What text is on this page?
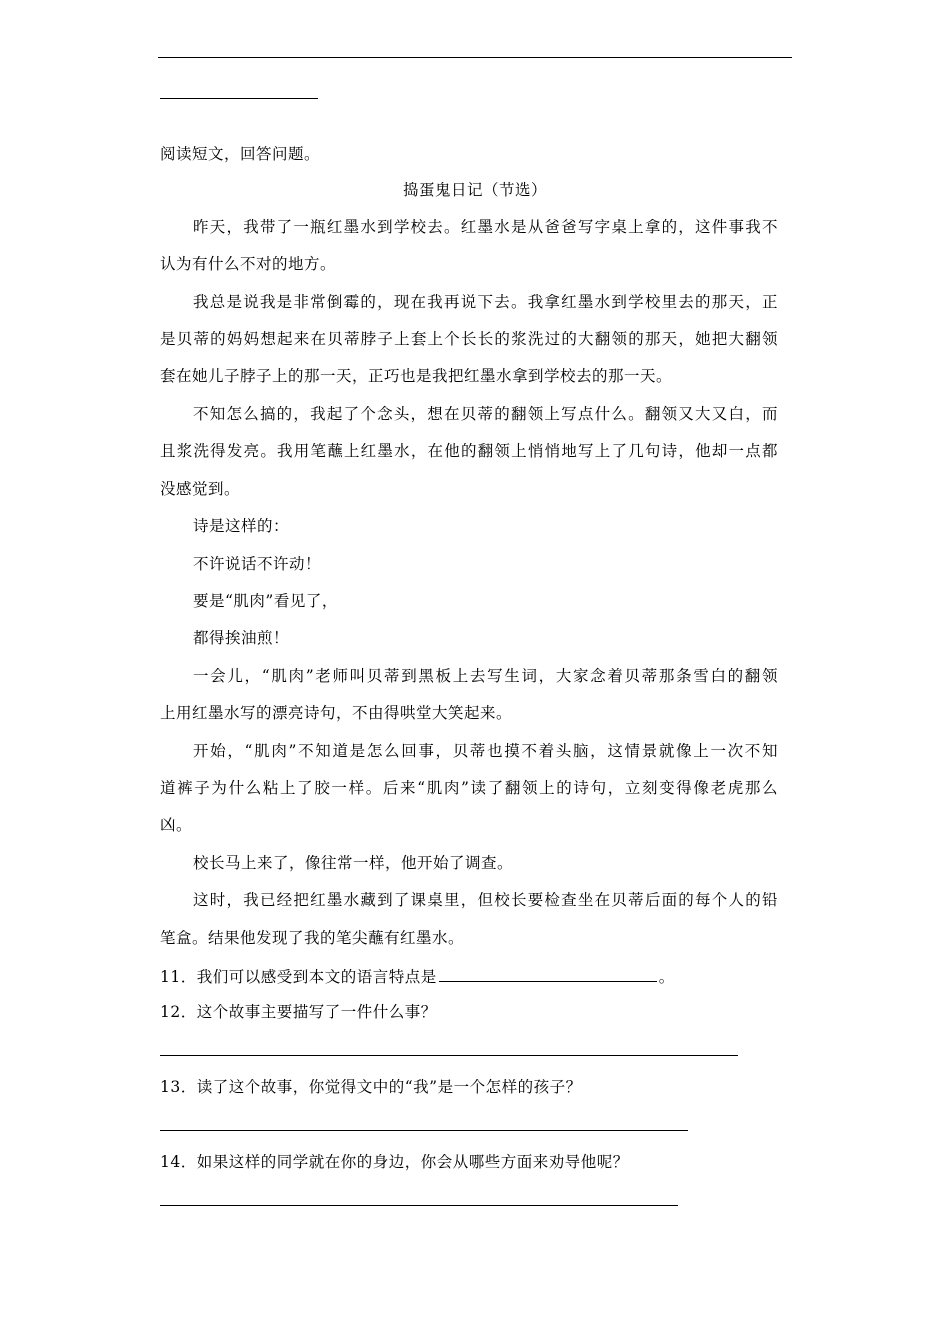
阅读短文，回答问题。
捣蛋鬼日记（节选）
昨天，我带了一瓶红墨水到学校去。红墨水是从爸爸写字桌上拿的，这件事我不
认为有什么不对的地方。
我总是说我是非常倒霉的，现在我再说下去。我拿红墨水到学校里去的那天，正
是贝蒂的妈妈想起来在贝蒂脖子上套上个长长的浆洗过的大翻领的那天，她把大翻领
套在她儿子脖子上的那一天，正巧也是我把红墨水拿到学校去的那一天。
不知怎么搞的，我起了个念头，想在贝蒂的翻领上写点什么。翻领又大又白，而
且浆洗得发亮。我用笔蘸上红墨水，在他的翻领上悄悄地写上了几句诗，他却一点都
没感觉到。
诗是这样的：
不许说话不许动！
要是“肌肉”看见了，
都得挨油煎！
一会儿，“肌肉”老师叫贝蒂到黑板上去写生词，大家念着贝蒂那条雪白的翻领
上用红墨水写的漂亮诗句，不由得哄堂大笑起来。
开始，“肌肉”不知道是怎么回事，贝蒂也摸不着头脑，这情景就像上一次不知
道裤子为什么粘上了胶一样。后来“肌肉”读了翻领上的诗句，立刻变得像老虎那么
凶。
校长马上来了，像往常一样，他开始了调查。
这时，我已经把红墨水藏到了课桌里，但校长要检查坐在贝蒂后面的每个人的铅
笔盒。结果他发现了我的笔尖蘸有红墨水。
11．我们可以感受到本文的语言特点是	。
12．这个故事主要描写了一件什么事？
13．读了这个故事，你觉得文中的“我”是一个怎样的孩子？
14．如果这样的同学就在你的身边，你会从哪些方面来劝导他呢？
